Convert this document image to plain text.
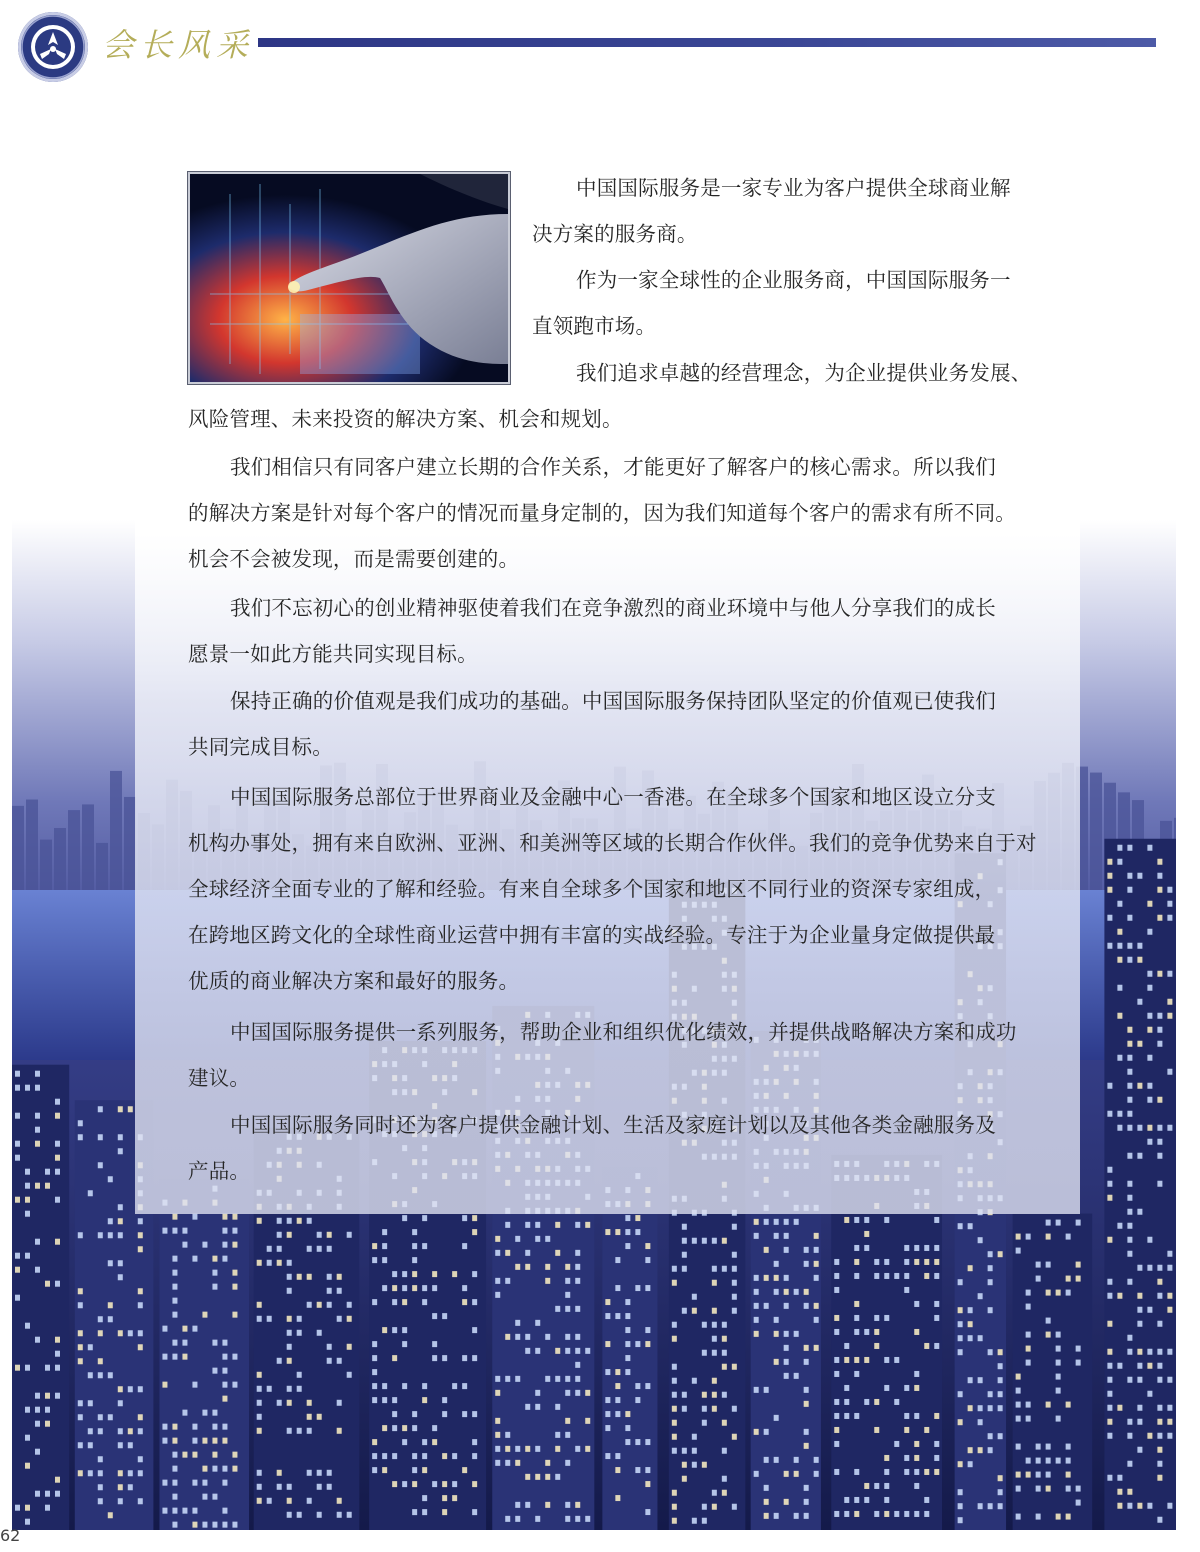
会长风采
中国国际服务是一家专业为客户提供全球商业解
决方案的服务商。
作为一家全球性的企业服务商，中国国际服务一
直领跑市场。
我们追求卓越的经营理念，为企业提供业务发展、
风险管理、未来投资的解决方案、机会和规划。
我们相信只有同客户建立长期的合作关系，才能更好了解客户的核心需求。所以我们
的解决方案是针对每个客户的情况而量身定制的，因为我们知道每个客户的需求有所不同。
机会不会被发现，而是需要创建的。
我们不忘初心的创业精神驱使着我们在竞争激烈的商业环境中与他人分享我们的成长
愿景一如此方能共同实现目标。
保持正确的价值观是我们成功的基础。中国国际服务保持团队坚定的价值观已使我们
共同完成目标。
中国国际服务总部位于世界商业及金融中心一香港。在全球多个国家和地区设立分支
机构办事处，拥有来自欧洲、亚洲、和美洲等区域的长期合作伙伴。我们的竞争优势来自于对
全球经济全面专业的了解和经验。有来自全球多个国家和地区不同行业的资深专家组成，
在跨地区跨文化的全球性商业运营中拥有丰富的实战经验。专注于为企业量身定做提供最
优质的商业解决方案和最好的服务。
中国国际服务提供一系列服务，帮助企业和组织优化绩效，并提供战略解决方案和成功
建议。
中国国际服务同时还为客户提供金融计划、生活及家庭计划以及其他各类金融服务及
产品。
62
